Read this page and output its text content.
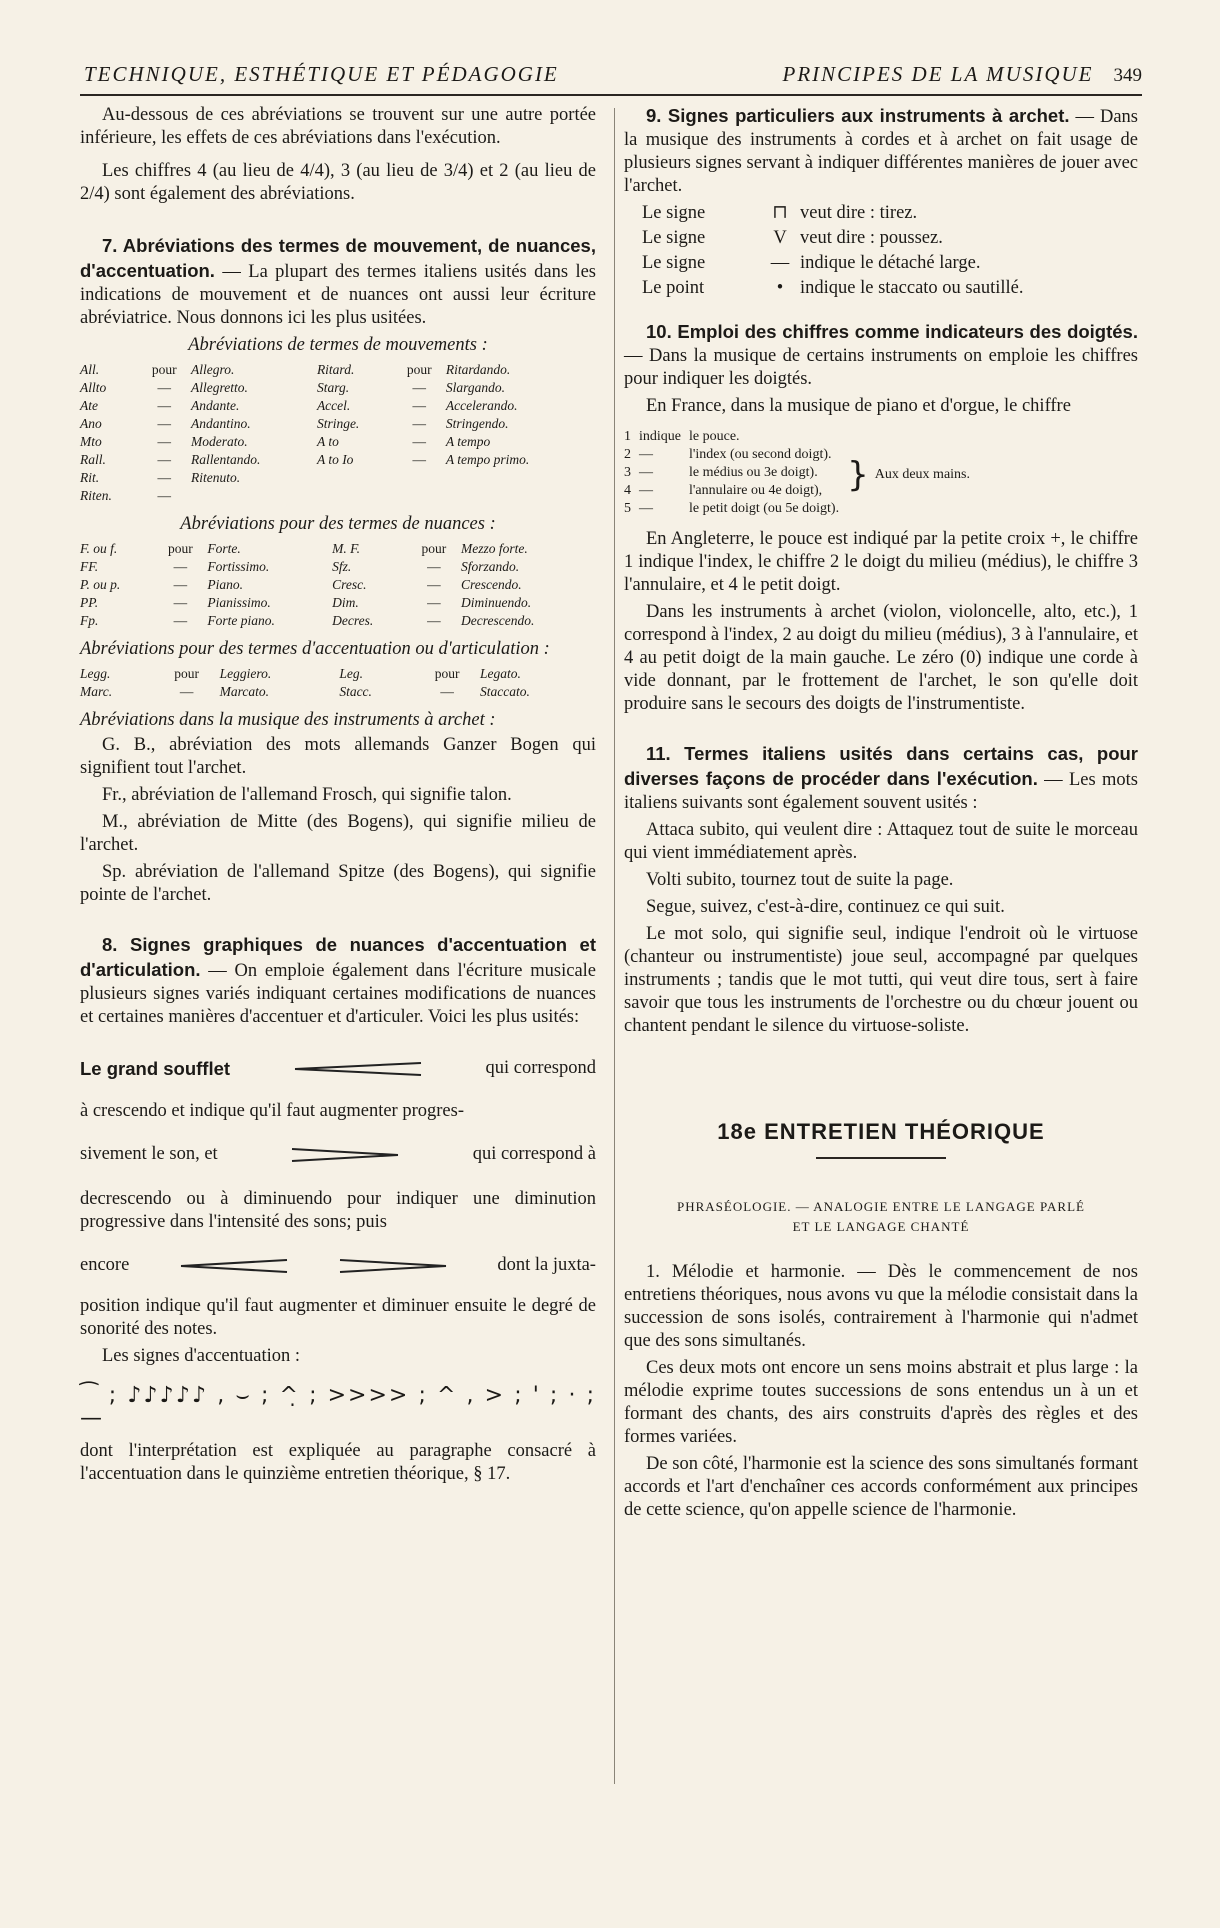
TECHNIQUE, ESTHÉTIQUE ET PÉDAGOGIE	PRINCIPES DE LA MUSIQUE 349

Au-dessous de ces abréviations se trouvent sur une autre portée inférieure, les effets de ces abréviations dans l'exécution.

Les chiffres 4 (au lieu de 4/4), 3 (au lieu de 3/4) et 2 (au lieu de 2/4) sont également des abréviations.

7. Abréviations des termes de mouvement, de nuances, d'accentuation. — La plupart des termes italiens usités dans les indications de mouvement et de nuances ont aussi leur écriture abréviatrice. Nous donnons ici les plus usitées.

Abréviations de termes de mouvements :
All.	pour	Allegro.	Ritard.	pour	Ritardando.
Allto	—	Allegretto.	Starg.	—	Slargando.
Ate	—	Andante.	Accel.	—	Accelerando.
Ano	—	Andantino.	Stringe.	—	Stringendo.
Mto	—	Moderato.	A to	—	A tempo
Rall.	—	Rallentando.	A to Io	—	A tempo primo.
Rit.	—	Ritenuto.			
Riten.	—				
Abréviations pour des termes de nuances :
F. ou f.	pour	Forte.	M. F.	pour	Mezzo forte.
FF.	—	Fortissimo.	Sfz.	—	Sforzando.
P. ou p.	—	Piano.	Cresc.	—	Crescendo.
PP.	—	Pianissimo.	Dim.	—	Diminuendo.
Fp.	—	Forte piano.	Decres.	—	Decrescendo.
Abréviations pour des termes d'accentuation ou d'articulation :
Legg.	pour	Leggiero.	Leg.	pour	Legato.
Marc.	—	Marcato.	Stacc.	—	Staccato.
Abréviations dans la musique des instruments à archet :

G. B., abréviation des mots allemands Ganzer Bogen qui signifient tout l'archet.

Fr., abréviation de l'allemand Frosch, qui signifie talon.

M., abréviation de Mitte (des Bogens), qui signifie milieu de l'archet.

Sp. abréviation de l'allemand Spitze (des Bogens), qui signifie pointe de l'archet.

8. Signes graphiques de nuances d'accentuation et d'articulation. — On emploie également dans l'écriture musicale plusieurs signes variés indiquant certaines modifications de nuances et certaines manières d'accentuer et d'articuler. Voici les plus usités:

Le grand soufflet	qui correspond

à crescendo et indique qu'il faut augmenter progres-

sivement le son, et	qui correspond à

decrescendo ou à diminuendo pour indiquer une diminution progressive dans l'intensité des sons; puis

encore	dont la juxta-

position indique qu'il faut augmenter et diminuer ensuite le degré de sonorité des notes.

Les signes d'accentuation :

⁀ ; ♪♪♪♪♪ , ⌣ ; ^̣ ; >>>> ; ^ , > ; ' ; · ; —

dont l'interprétation est expliquée au paragraphe consacré à l'accentuation dans le quinzième entretien théorique, § 17.

9. Signes particuliers aux instruments à archet. — Dans la musique des instruments à cordes et à archet on fait usage de plusieurs signes servant à indiquer différentes manières de jouer avec l'archet.

Le signe	⊓ veut dire : tirez.
Le signe	V veut dire : poussez.
Le signe	— indique le détaché large.
Le point	• indique le staccato ou sautillé.

10. Emploi des chiffres comme indicateurs des doigtés. — Dans la musique de certains instruments on emploie les chiffres pour indiquer les doigtés.

En France, dans la musique de piano et d'orgue, le chiffre

1	indique	le pouce.
2	—	l'index (ou second doigt).
3	—	le médius ou 3e doigt).
4	—	l'annulaire ou 4e doigt),
5	—	le petit doigt (ou 5e doigt).
} Aux deux mains.

En Angleterre, le pouce est indiqué par la petite croix +, le chiffre 1 indique l'index, le chiffre 2 le doigt du milieu (médius), le chiffre 3 l'annulaire, et 4 le petit doigt.

Dans les instruments à archet (violon, violoncelle, alto, etc.), 1 correspond à l'index, 2 au doigt du milieu (médius), 3 à l'annulaire, et 4 au petit doigt de la main gauche. Le zéro (0) indique une corde à vide donnant, par le frottement de l'archet, le son qu'elle doit produire sans le secours des doigts de l'instrumentiste.

11. Termes italiens usités dans certains cas, pour diverses façons de procéder dans l'exécution. — Les mots italiens suivants sont également souvent usités :

Attaca subito, qui veulent dire : Attaquez tout de suite le morceau qui vient immédiatement après.

Volti subito, tournez tout de suite la page.

Segue, suivez, c'est-à-dire, continuez ce qui suit.

Le mot solo, qui signifie seul, indique l'endroit où le virtuose (chanteur ou instrumentiste) joue seul, accompagné par quelques instruments ; tandis que le mot tutti, qui veut dire tous, sert à faire savoir que tous les instruments de l'orchestre ou du chœur jouent ou chantent pendant le silence du virtuose-soliste.

18e ENTRETIEN THÉORIQUE
PHRASÉOLOGIE. — ANALOGIE ENTRE LE LANGAGE PARLÉ
ET LE LANGAGE CHANTÉ

1. Mélodie et harmonie. — Dès le commencement de nos entretiens théoriques, nous avons vu que la mélodie consistait dans la succession de sons isolés, contrairement à l'harmonie qui n'admet que des sons simultanés.

Ces deux mots ont encore un sens moins abstrait et plus large : la mélodie exprime toutes successions de sons entendus un à un et formant des chants, des airs construits d'après des règles et des formes variées.

De son côté, l'harmonie est la science des sons simultanés formant accords et l'art d'enchaîner ces accords conformément aux principes de cette science, qu'on appelle science de l'harmonie.
